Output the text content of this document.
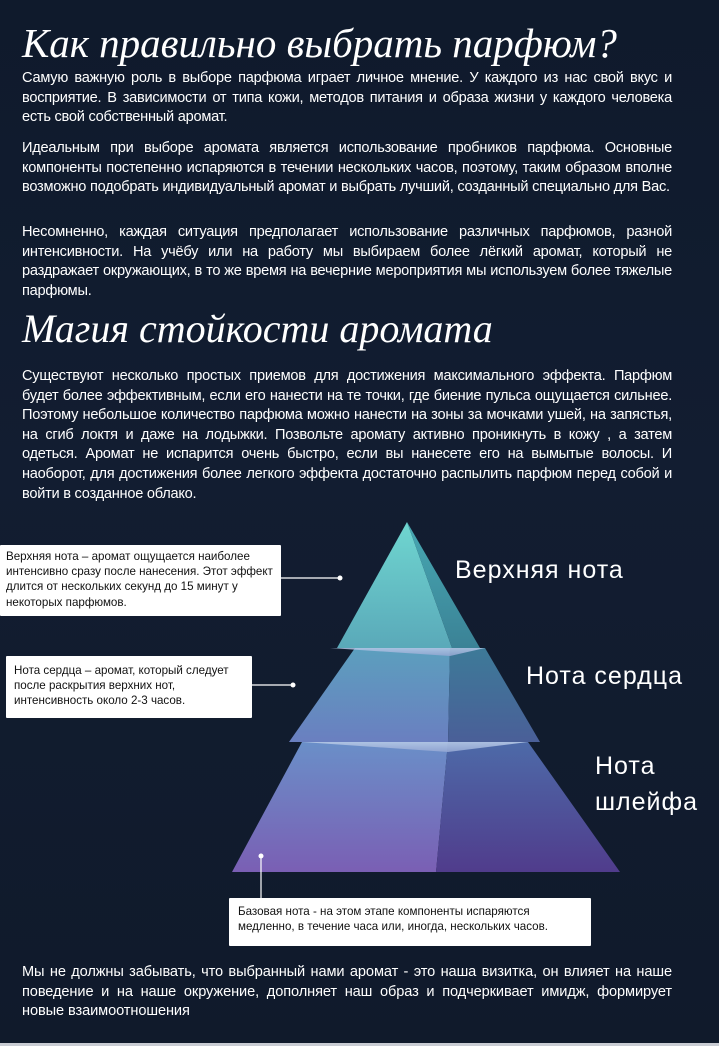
Как правильно выбрать парфюм?

Самую важную роль в выборе парфюма играет личное мнение. У каждого из нас свой вкус и восприятие. В зависимости от типа кожи, методов питания и образа жизни у каждого человека есть свой собственный аромат.

Идеальным при выборе аромата является использование пробников парфюма. Основные компоненты постепенно испаряются в течении нескольких часов, поэтому, таким образом вполне возможно подобрать индивидуальный аромат и выбрать лучший, созданный специально для Вас.

Несомненно, каждая ситуация предполагает использование различных парфюмов, разной интенсивности. На учёбу или на работу мы выбираем более лёгкий аромат, который не раздражает окружающих, в то же время на вечерние мероприятия мы используем более тяжелые парфюмы.

Магия стойкости аромата

Существуют несколько простых приемов для достижения максимального эффекта. Парфюм будет более эффективным, если его нанести на те точки, где биение пульса ощущается сильнее. Поэтому небольшое количество парфюма можно нанести на зоны за мочками ушей, на запястья, на сгиб локтя и даже на лодыжки. Позвольте аромату активно проникнуть в кожу , а затем одеться. Аромат не испарится очень быстро, если вы нанесете его на вымытые волосы. И наоборот, для достижения более легкого эффекта достаточно распылить парфюм перед собой и войти в созданное облако.

Верхняя нота
Нота сердца
Нота
шлейфа
Верхняя нота – аромат ощущается наиболее интенсивно сразу после нанесения. Этот эффект длится от нескольких секунд до 15 минут у некоторых парфюмов.
Нота сердца – аромат, который следует после раскрытия верхних нот, интенсивность около 2-3 часов.
Базовая нота - на этом этапе компоненты испаряются медленно, в течение часа или, иногда, нескольких часов.

Мы не должны забывать, что выбранный нами аромат - это наша визитка, он влияет на наше поведение и на наше окружение, дополняет наш образ и подчеркивает имидж, формирует новые взаимоотношения
